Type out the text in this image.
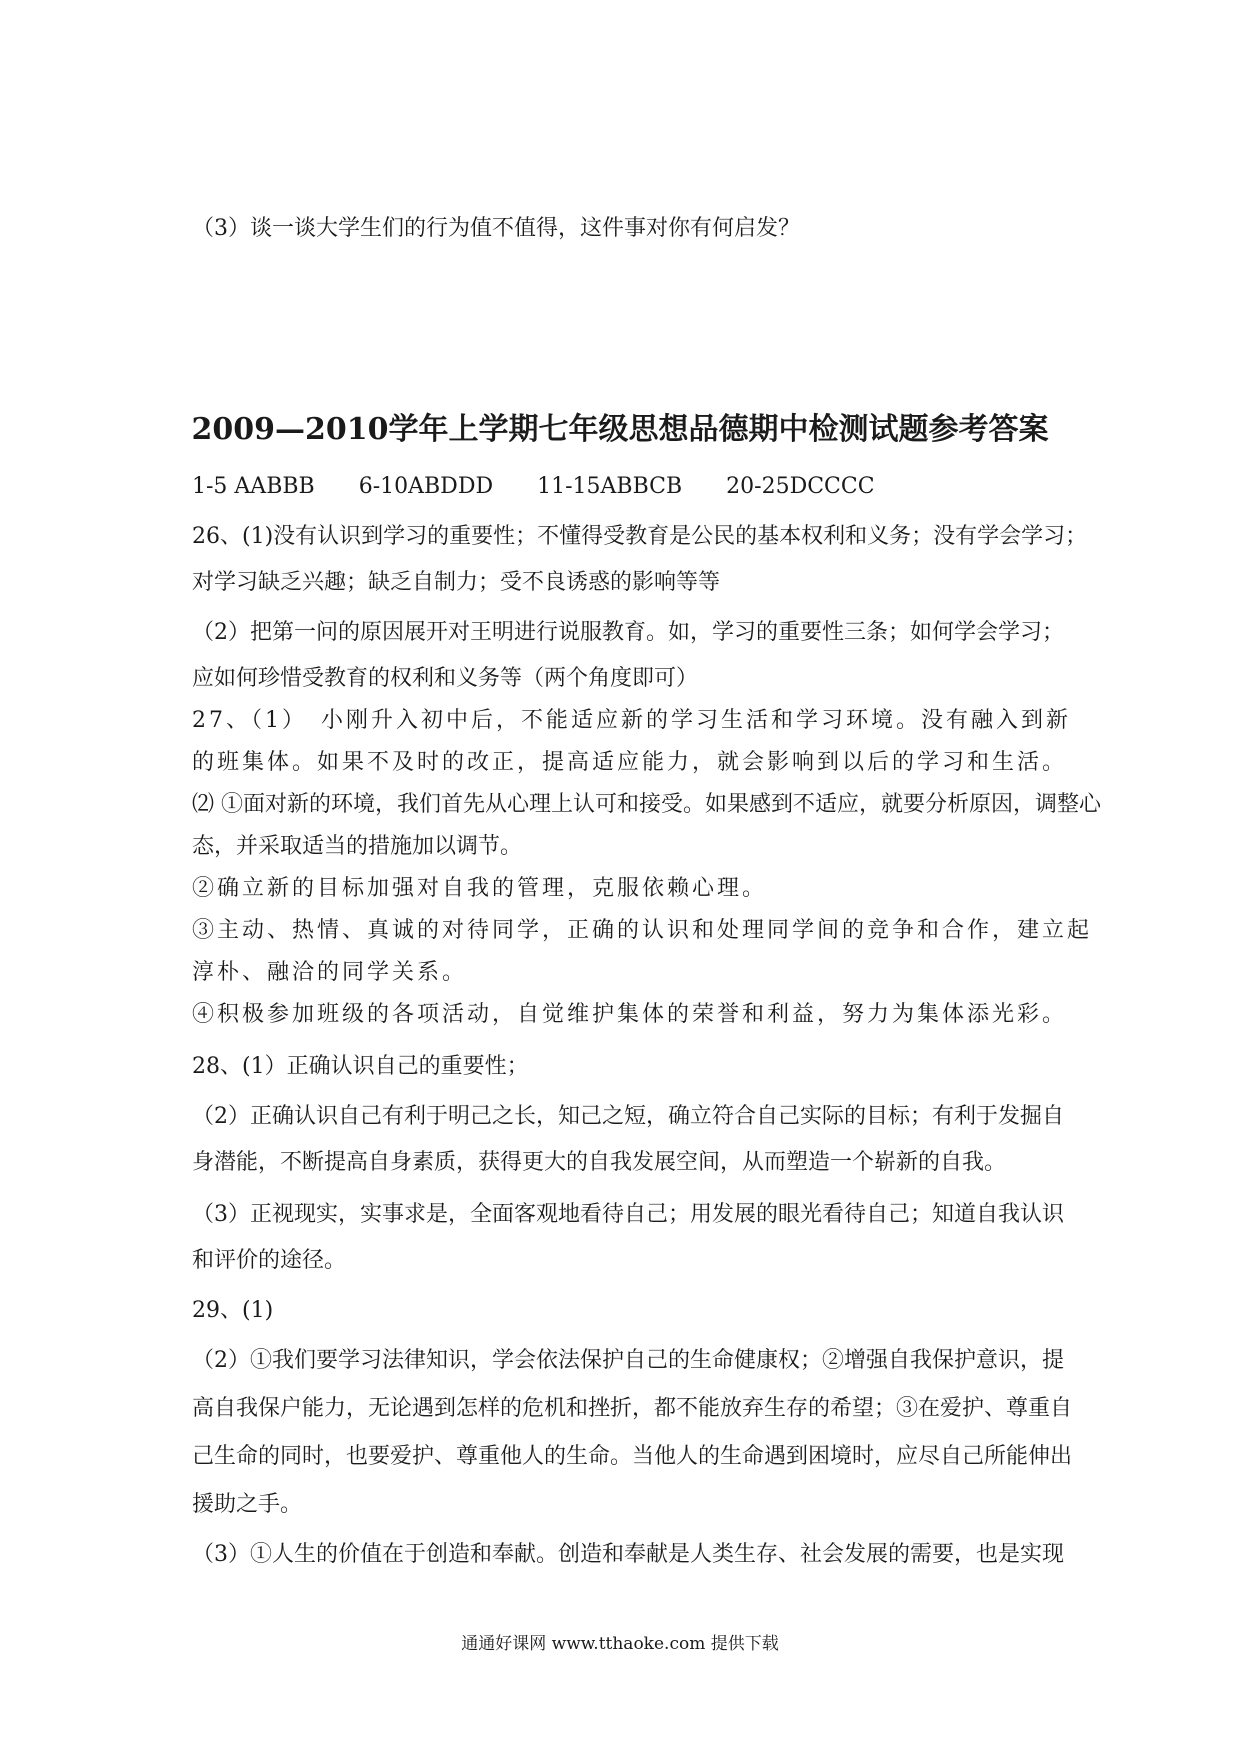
（3）谈一谈大学生们的行为值不值得，这件事对你有何启发？
2009—2010学年上学期七年级思想品德期中检测试题参考答案
1-5 AABBB　　6-10ABDDD　　11-15ABBCB　　20-25DCCCC
26、(1)没有认识到学习的重要性；不懂得受教育是公民的基本权利和义务；没有学会学习；
对学习缺乏兴趣；缺乏自制力；受不良诱惑的影响等等
（2）把第一问的原因展开对王明进行说服教育。如，学习的重要性三条；如何学会学习；
应如何珍惜受教育的权利和义务等（两个角度即可）
27、（1）　小刚升入初中后，不能适应新的学习生活和学习环境。没有融入到新
的班集体。如果不及时的改正，提高适应能力，就会影响到以后的学习和生活。
⑵ ①面对新的环境，我们首先从心理上认可和接受。如果感到不适应，就要分析原因，调整心
态，并采取适当的措施加以调节。
②确立新的目标加强对自我的管理，克服依赖心理。
③主动、热情、真诚的对待同学，正确的认识和处理同学间的竞争和合作，建立起
淳朴、融洽的同学关系。
④积极参加班级的各项活动，自觉维护集体的荣誉和利益，努力为集体添光彩。
28、(1）正确认识自己的重要性；
（2）正确认识自己有利于明己之长，知己之短，确立符合自己实际的目标；有利于发掘自
身潜能，不断提高自身素质，获得更大的自我发展空间，从而塑造一个崭新的自我。
（3）正视现实，实事求是，全面客观地看待自己；用发展的眼光看待自己；知道自我认识
和评价的途径。
29、(1)
（2）①我们要学习法律知识，学会依法保护自己的生命健康权；②增强自我保护意识，提
高自我保户能力，无论遇到怎样的危机和挫折，都不能放弃生存的希望；③在爱护、尊重自
己生命的同时，也要爱护、尊重他人的生命。当他人的生命遇到困境时，应尽自己所能伸出
援助之手。
（3）①人生的价值在于创造和奉献。创造和奉献是人类生存、社会发展的需要，也是实现
通通好课网 www.tthaoke.com 提供下载
